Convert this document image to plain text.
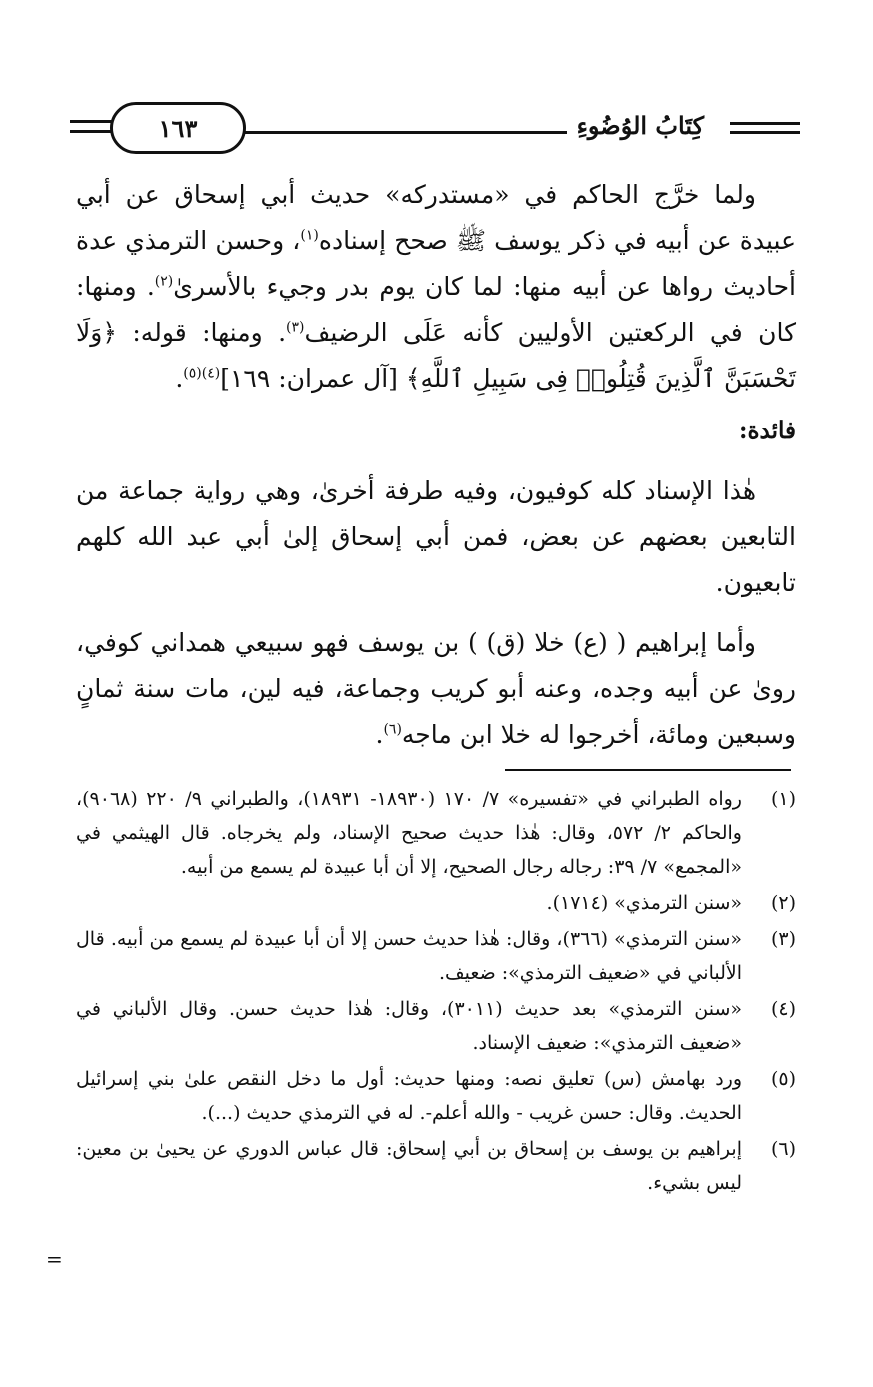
١٦٣	كِتَابُ الوُضُوءِ

ولما خرَّج الحاكم في «مستدركه» حديث أبي إسحاق عن أبي عبيدة عن أبيه في ذكر يوسف ﷺ صحح إسناده$^{(١)}$، وحسن الترمذي عدة أحاديث رواها عن أبيه منها: لما كان يوم بدر وجيء بالأسرىٰ$^{(٢)}$. ومنها: كان في الركعتين الأوليين كأنه عَلَى الرضيف$^{(٣)}$. ومنها: قوله: ﴿وَلَا تَحْسَبَنَّ ٱلَّذِينَ قُتِلُوا۟ فِى سَبِيلِ ٱللَّهِ﴾ [آل عمران: ١٦٩]$^{(٤)(٥)}$.

فائدة:

هٰذا الإسناد كله كوفيون، وفيه طرفة أخرىٰ، وهي رواية جماعة من التابعين بعضهم عن بعض، فمن أبي إسحاق إلىٰ أبي عبد الله كلهم تابعيون.

وأما إبراهيم ( (ع) خلا (ق) ) بن يوسف فهو سبيعي همداني كوفي، روىٰ عن أبيه وجده، وعنه أبو كريب وجماعة، فيه لين، مات سنة ثمانٍ وسبعين ومائة، أخرجوا له خلا ابن ماجه$^{(٦)}$.

(١)
رواه الطبراني في «تفسيره» ٧/ ١٧٠ (١٨٩٣٠- ١٨٩٣١)، والطبراني ٩/ ٢٢٠ (٩٠٦٨)، والحاكم ٢/ ٥٧٢، وقال: هٰذا حديث صحيح الإسناد، ولم يخرجاه. قال الهيثمي في «المجمع» ٧/ ٣٩: رجاله رجال الصحيح، إلا أن أبا عبيدة لم يسمع من أبيه.
(٢)
«سنن الترمذي» (١٧١٤).
(٣)
«سنن الترمذي» (٣٦٦)، وقال: هٰذا حديث حسن إلا أن أبا عبيدة لم يسمع من أبيه. قال الألباني في «ضعيف الترمذي»: ضعيف.
(٤)
«سنن الترمذي» بعد حديث (٣٠١١)، وقال: هٰذا حديث حسن. وقال الألباني في «ضعيف الترمذي»: ضعيف الإسناد.
(٥)
ورد بهامش (س) تعليق نصه: ومنها حديث: أول ما دخل النقص علىٰ بني إسرائيل الحديث. وقال: حسن غريب - والله أعلم-. له في الترمذي حديث (...).
(٦)
إبراهيم بن يوسف بن إسحاق بن أبي إسحاق: قال عباس الدوري عن يحيىٰ بن معين: ليس بشيء.
=
